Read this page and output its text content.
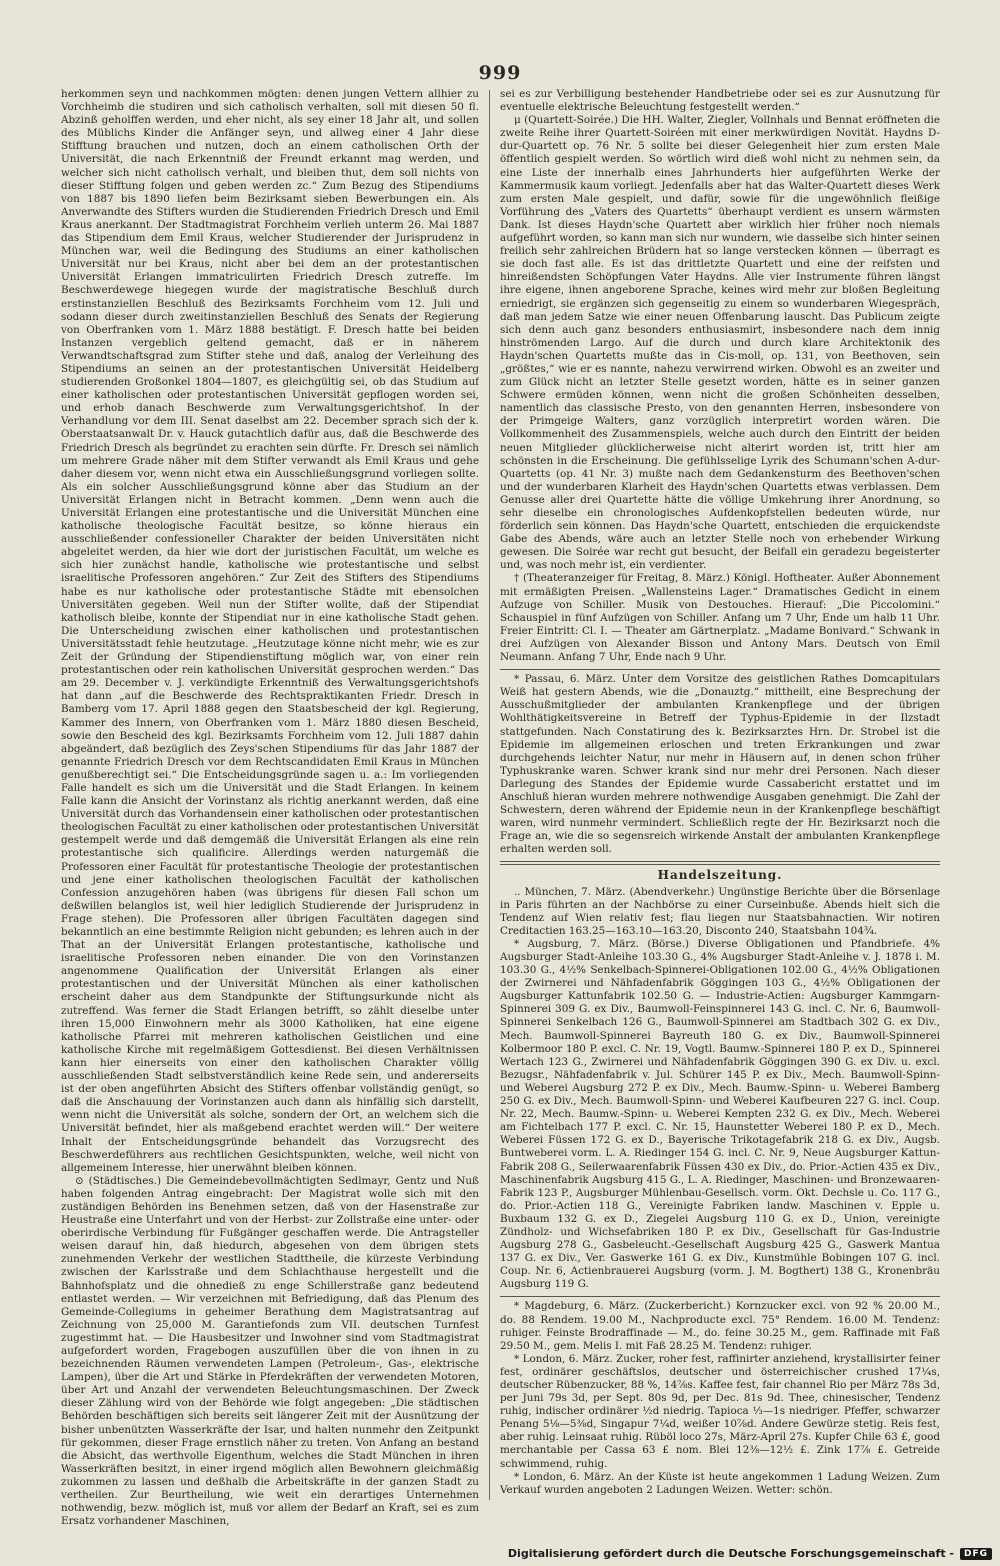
999

herkommen seyn und nachkommen mögten: denen jungen Vettern allhier zu Vorchheimb die studiren und sich catholisch verhalten, soll mit diesen 50 fl. Abzinß geholffen werden, und eher nicht, als sey einer 18 Jahr alt, und sollen des Müblichs Kinder die Anfänger seyn, und allweg einer 4 Jahr diese Stifftung brauchen und nutzen, doch an einem catholischen Orth der Universität, die nach Erkenntniß der Freundt erkannt mag werden, und welcher sich nicht catholisch verhalt, und bleiben thut, dem soll nichts von dieser Stifftung folgen und geben werden zc.“ Zum Bezug des Stipendiums von 1887 bis 1890 liefen beim Bezirksamt sieben Bewerbungen ein. Als Anverwandte des Stifters wurden die Studierenden Friedrich Dresch und Emil Kraus anerkannt. Der Stadtmagistrat Forchheim verlieh unterm 26. Mai 1887 das Stipendium dem Emil Kraus, welcher Studierender der Jurisprudenz in München war, weil die Bedingung des Studiums an einer katholischen Universität nur bei Kraus, nicht aber bei dem an der protestantischen Universität Erlangen immatriculirten Friedrich Dresch zutreffe. Im Beschwerdewege hiegegen wurde der magistratische Beschluß durch erstinstanziellen Beschluß des Bezirksamts Forchheim vom 12. Juli und sodann dieser durch zweitinstanziellen Beschluß des Senats der Regierung von Oberfranken vom 1. März 1888 bestätigt. F. Dresch hatte bei beiden Instanzen vergeblich geltend gemacht, daß er in näherem Verwandtschaftsgrad zum Stifter stehe und daß, analog der Verleihung des Stipendiums an seinen an der protestantischen Universität Heidelberg studierenden Großonkel 1804—1807, es gleichgültig sei, ob das Studium auf einer katholischen oder protestantischen Universität gepflogen worden sei, und erhob danach Beschwerde zum Verwaltungsgerichtshof. In der Verhandlung vor dem III. Senat daselbst am 22. December sprach sich der k. Oberstaatsanwalt Dr. v. Hauck gutachtlich dafür aus, daß die Beschwerde des Friedrich Dresch als begründet zu erachten sein dürfte. Fr. Dresch sei nämlich um mehrere Grade näher mit dem Stifter verwandt als Emil Kraus und gehe daher diesem vor, wenn nicht etwa ein Ausschließungsgrund vorliegen sollte. Als ein solcher Ausschließungsgrund könne aber das Studium an der Universität Erlangen nicht in Betracht kommen. „Denn wenn auch die Universität Erlangen eine protestantische und die Universität München eine katholische theologische Facultät besitze, so könne hieraus ein ausschließender confessioneller Charakter der beiden Universitäten nicht abgeleitet werden, da hier wie dort der juristischen Facultät, um welche es sich hier zunächst handle, katholische wie protestantische und selbst israelitische Professoren angehören.“ Zur Zeit des Stifters des Stipendiums habe es nur katholische oder protestantische Städte mit ebensolchen Universitäten gegeben. Weil nun der Stifter wollte, daß der Stipendiat katholisch bleibe, konnte der Stipendiat nur in eine katholische Stadt gehen. Die Unterscheidung zwischen einer katholischen und protestantischen Universitätsstadt fehle heutzutage. „Heutzutage könne nicht mehr, wie es zur Zeit der Gründung der Stipendienstiftung möglich war, von einer rein protestantischen oder rein katholischen Universität gesprochen werden.“ Das am 29. December v. J. verkündigte Erkenntniß des Verwaltungsgerichtshofs hat dann „auf die Beschwerde des Rechtspraktikanten Friedr. Dresch in Bamberg vom 17. April 1888 gegen den Staatsbescheid der kgl. Regierung, Kammer des Innern, von Oberfranken vom 1. März 1880 diesen Bescheid, sowie den Bescheid des kgl. Bezirksamts Forchheim vom 12. Juli 1887 dahin abgeändert, daß bezüglich des Zeys'schen Stipendiums für das Jahr 1887 der genannte Friedrich Dresch vor dem Rechtscandidaten Emil Kraus in München genußberechtigt sei.“ Die Entscheidungsgründe sagen u. a.: Im vorliegenden Falle handelt es sich um die Universität und die Stadt Erlangen. In keinem Falle kann die Ansicht der Vorinstanz als richtig anerkannt werden, daß eine Universität durch das Vorhandensein einer katholischen oder protestantischen theologischen Facultät zu einer katholischen oder protestantischen Universität gestempelt werde und daß demgemäß die Universität Erlangen als eine rein protestantische sich qualificire. Allerdings werden naturgemäß die Professoren einer Facultät für protestantische Theologie der protestantischen und jene einer katholischen theologischen Facultät der katholischen Confession anzugehören haben (was übrigens für diesen Fall schon um deßwillen belanglos ist, weil hier lediglich Studierende der Jurisprudenz in Frage stehen). Die Professoren aller übrigen Facultäten dagegen sind bekanntlich an eine bestimmte Religion nicht gebunden; es lehren auch in der That an der Universität Erlangen protestantische, katholische und israelitische Professoren neben einander. Die von den Vorinstanzen angenommene Qualification der Universität Erlangen als einer protestantischen und der Universität München als einer katholischen erscheint daher aus dem Standpunkte der Stiftungsurkunde nicht als zutreffend. Was ferner die Stadt Erlangen betrifft, so zählt dieselbe unter ihren 15,000 Einwohnern mehr als 3000 Katholiken, hat eine eigene katholische Pfarrei mit mehreren katholischen Geistlichen und eine katholische Kirche mit regelmäßigem Gottesdienst. Bei diesen Verhältnissen kann hier einerseits von einer den katholischen Charakter völlig ausschließenden Stadt selbstverständlich keine Rede sein, und andererseits ist der oben angeführten Absicht des Stifters offenbar vollständig genügt, so daß die Anschauung der Vorinstanzen auch dann als hinfällig sich darstellt, wenn nicht die Universität als solche, sondern der Ort, an welchem sich die Universität befindet, hier als maßgebend erachtet werden will.“ Der weitere Inhalt der Entscheidungsgründe behandelt das Vorzugsrecht des Beschwerdeführers aus rechtlichen Gesichtspunkten, welche, weil nicht von allgemeinem Interesse, hier unerwähnt bleiben können.

⊙ (Städtisches.) Die Gemeindebevollmächtigten Sedlmayr, Gentz und Nuß haben folgenden Antrag eingebracht: Der Magistrat wolle sich mit den zuständigen Behörden ins Benehmen setzen, daß von der Hasenstraße zur Heustraße eine Unterfahrt und von der Herbst- zur Zollstraße eine unter- oder oberirdische Verbindung für Fußgänger geschaffen werde. Die Antragsteller weisen darauf hin, daß hiedurch, abgesehen von dem übrigen stets zunehmenden Verkehr der westlichen Stadttheile, die kürzeste Verbindung zwischen der Karlsstraße und dem Schlachthause hergestellt und die Bahnhofsplatz und die ohnedieß zu enge Schillerstraße ganz bedeutend entlastet werden. — Wir verzeichnen mit Befriedigung, daß das Plenum des Gemeinde-Collegiums in geheimer Berathung dem Magistratsantrag auf Zeichnung von 25,000 M. Garantiefonds zum VII. deutschen Turnfest zugestimmt hat. — Die Hausbesitzer und Inwohner sind vom Stadtmagistrat aufgefordert worden, Fragebogen auszufüllen über die von ihnen in zu bezeichnenden Räumen verwendeten Lampen (Petroleum-, Gas-, elektrische Lampen), über die Art und Stärke in Pferdekräften der verwendeten Motoren, über Art und Anzahl der verwendeten Beleuchtungsmaschinen. Der Zweck dieser Zählung wird von der Behörde wie folgt angegeben: „Die städtischen Behörden beschäftigen sich bereits seit längerer Zeit mit der Ausnützung der bisher unbenützten Wasserkräfte der Isar, und halten nunmehr den Zeitpunkt für gekommen, dieser Frage ernstlich näher zu treten. Von Anfang an bestand die Absicht, das werthvolle Eigenthum, welches die Stadt München in ihren Wasserkräften besitzt, in einer irgend möglich allen Bewohnern gleichmäßig zukommen zu lassen und deßhalb die Arbeitskräfte in der ganzen Stadt zu vertheilen. Zur Beurtheilung, wie weit ein derartiges Unternehmen nothwendig, bezw. möglich ist, muß vor allem der Bedarf an Kraft, sei es zum Ersatz vorhandener Maschinen,

sei es zur Verbilligung bestehender Handbetriebe oder sei es zur Ausnutzung für eventuelle elektrische Beleuchtung festgestellt werden.“

μ (Quartett-Soirée.) Die HH. Walter, Ziegler, Vollnhals und Bennat eröffneten die zweite Reihe ihrer Quartett-Soiréen mit einer merkwürdigen Novität. Haydns D-dur-Quartett op. 76 Nr. 5 sollte bei dieser Gelegenheit hier zum ersten Male öffentlich gespielt werden. So wörtlich wird dieß wohl nicht zu nehmen sein, da eine Liste der innerhalb eines Jahrhunderts hier aufgeführten Werke der Kammermusik kaum vorliegt. Jedenfalls aber hat das Walter-Quartett dieses Werk zum ersten Male gespielt, und dafür, sowie für die ungewöhnlich fleißige Vorführung des „Vaters des Quartetts“ überhaupt verdient es unsern wärmsten Dank. Ist dieses Haydn'sche Quartett aber wirklich hier früher noch niemals aufgeführt worden, so kann man sich nur wundern, wie dasselbe sich hinter seinen freilich sehr zahlreichen Brüdern hat so lange verstecken können — überragt es sie doch fast alle. Es ist das drittletzte Quartett und eine der reifsten und hinreißendsten Schöpfungen Vater Haydns. Alle vier Instrumente führen längst ihre eigene, ihnen angeborene Sprache, keines wird mehr zur bloßen Begleitung erniedrigt, sie ergänzen sich gegenseitig zu einem so wunderbaren Wiegespräch, daß man jedem Satze wie einer neuen Offenbarung lauscht. Das Publicum zeigte sich denn auch ganz besonders enthusiasmirt, insbesondere nach dem innig hinströmenden Largo. Auf die durch und durch klare Architektonik des Haydn'schen Quartetts mußte das in Cis-moll, op. 131, von Beethoven, sein „größtes,“ wie er es nannte, nahezu verwirrend wirken. Obwohl es an zweiter und zum Glück nicht an letzter Stelle gesetzt worden, hätte es in seiner ganzen Schwere ermüden können, wenn nicht die großen Schönheiten desselben, namentlich das classische Presto, von den genannten Herren, insbesondere von der Primgeige Walters, ganz vorzüglich interpretirt worden wären. Die Vollkommenheit des Zusammenspiels, welche auch durch den Eintritt der beiden neuen Mitglieder glücklicherweise nicht alterirt worden ist, tritt hier am schönsten in die Erscheinung. Die gefühlsselige Lyrik des Schumann'schen A-dur-Quartetts (op. 41 Nr. 3) mußte nach dem Gedankensturm des Beethoven'schen und der wunderbaren Klarheit des Haydn'schen Quartetts etwas verblassen. Dem Genusse aller drei Quartette hätte die völlige Umkehrung ihrer Anordnung, so sehr dieselbe ein chronologisches Aufdenkopfstellen bedeuten würde, nur förderlich sein können. Das Haydn'sche Quartett, entschieden die erquickendste Gabe des Abends, wäre auch an letzter Stelle noch von erhebender Wirkung gewesen. Die Soirée war recht gut besucht, der Beifall ein geradezu begeisterter und, was noch mehr ist, ein verdienter.

† (Theateranzeiger für Freitag, 8. März.) Königl. Hoftheater. Außer Abonnement mit ermäßigten Preisen. „Wallensteins Lager.“ Dramatisches Gedicht in einem Aufzuge von Schiller. Musik von Destouches. Hierauf: „Die Piccolomini.“ Schauspiel in fünf Aufzügen von Schiller. Anfang um 7 Uhr, Ende um halb 11 Uhr. Freier Eintritt: Cl. I. — Theater am Gärtnerplatz. „Madame Bonivard.“ Schwank in drei Aufzügen von Alexander Bisson und Antony Mars. Deutsch von Emil Neumann. Anfang 7 Uhr, Ende nach 9 Uhr.

* Passau, 6. März. Unter dem Vorsitze des geistlichen Rathes Domcapitulars Weiß hat gestern Abends, wie die „Donauztg.“ mittheilt, eine Besprechung der Ausschußmitglieder der ambulanten Krankenpflege und der übrigen Wohlthätigkeitsvereine in Betreff der Typhus-Epidemie in der Ilzstadt stattgefunden. Nach Constatirung des k. Bezirksarztes Hrn. Dr. Strobel ist die Epidemie im allgemeinen erloschen und treten Erkrankungen und zwar durchgehends leichter Natur, nur mehr in Häusern auf, in denen schon früher Typhuskranke waren. Schwer krank sind nur mehr drei Personen. Nach dieser Darlegung des Standes der Epidemie wurde Cassabericht erstattet und im Anschluß hieran wurden mehrere nothwendige Ausgaben genehmigt. Die Zahl der Schwestern, deren während der Epidemie neun in der Krankenpflege beschäftigt waren, wird nunmehr vermindert. Schließlich regte der Hr. Bezirksarzt noch die Frage an, wie die so segensreich wirkende Anstalt der ambulanten Krankenpflege erhalten werden soll.

Handelszeitung.

.. München, 7. März. (Abendverkehr.) Ungünstige Berichte über die Börsenlage in Paris führten an der Nachbörse zu einer Curseinbuße. Abends hielt sich die Tendenz auf Wien relativ fest; flau liegen nur Staatsbahnactien. Wir notiren Creditactien 163.25—163.10—163.20, Disconto 240, Staatsbahn 104¾.

* Augsburg, 7. März. (Börse.) Diverse Obligationen und Pfandbriefe. 4% Augsburger Stadt-Anleihe 103.30 G., 4% Augsburger Stadt-Anleihe v. J. 1878 i. M. 103.30 G., 4½% Senkelbach-Spinnerei-Obligationen 102.00 G., 4½% Obligationen der Zwirnerei und Nähfadenfabrik Göggingen 103 G., 4½% Obligationen der Augsburger Kattunfabrik 102.50 G. — Industrie-Actien: Augsburger Kammgarn-Spinnerei 309 G. ex Div., Baumwoll-Feinspinnerei 143 G. incl. C. Nr. 6, Baumwoll-Spinnerei Senkelbach 126 G., Baumwoll-Spinnerei am Stadtbach 302 G. ex Div., Mech. Baumwoll-Spinnerei Bayreuth 180 G. ex Div., Baumwoll-Spinnerei Kolbermoor 180 P. excl. C. Nr. 19, Vogtl. Baumw.-Spinnerei 180 P. ex D., Spinnerei Wertach 123 G., Zwirnerei und Nähfadenfabrik Göggingen 390 G. ex Div. u. excl. Bezugsr., Nähfadenfabrik v. Jul. Schürer 145 P. ex Div., Mech. Baumwoll-Spinn- und Weberei Augsburg 272 P. ex Div., Mech. Baumw.-Spinn- u. Weberei Bamberg 250 G. ex Div., Mech. Baumwoll-Spinn- und Weberei Kaufbeuren 227 G. incl. Coup. Nr. 22, Mech. Baumw.-Spinn- u. Weberei Kempten 232 G. ex Div., Mech. Weberei am Fichtelbach 177 P. excl. C. Nr. 15, Haunstetter Weberei 180 P. ex D., Mech. Weberei Füssen 172 G. ex D., Bayerische Trikotagefabrik 218 G. ex Div., Augsb. Buntweberei vorm. L. A. Riedinger 154 G. incl. C. Nr. 9, Neue Augsburger Kattun-Fabrik 208 G., Seilerwaarenfabrik Füssen 430 ex Div., do. Prior.-Actien 435 ex Div., Maschinenfabrik Augsburg 415 G., L. A. Riedinger, Maschinen- und Bronzewaaren-Fabrik 123 P., Augsburger Mühlenbau-Gesellsch. vorm. Okt. Dechsle u. Co. 117 G., do. Prior.-Actien 118 G., Vereinigte Fabriken landw. Maschinen v. Epple u. Buxbaum 132 G. ex D., Ziegelei Augsburg 110 G. ex D., Union, vereinigte Zündholz- und Wichsefabriken 180 P. ex Div., Gesellschaft für Gas-Industrie Augsburg 278 G., Gasbeleucht.-Gesellschaft Augsburg 425 G., Gaswerk Mantua 137 G. ex Div., Ver. Gaswerke 161 G. ex Div., Kunstmühle Bobingen 107 G. incl. Coup. Nr. 6, Actienbrauerei Augsburg (vorm. J. M. Bogthert) 138 G., Kronenbräu Augsburg 119 G.

* Magdeburg, 6. März. (Zuckerbericht.) Kornzucker excl. von 92 % 20.00 M., do. 88 Rendem. 19.00 M., Nachproducte excl. 75° Rendem. 16.00 M. Tendenz: ruhiger. Feinste Brodraffinade — M., do. feine 30.25 M., gem. Raffinade mit Faß 29.50 M., gem. Melis I. mit Faß 28.25 M. Tendenz: ruhiger.

* London, 6. März. Zucker, roher fest, raffinirter anziehend, krystallisirter feiner fest, ordinärer geschäftslos, deutscher und österreichischer crushed 17¼s, deutscher Rübenzucker, 88 %, 14⅞s. Kaffee fest, fair channel Rio per März 78s 3d, per Juni 79s 3d, per Sept. 80s 9d, per Dec. 81s 9d. Thee, chinesischer, Tendenz ruhig, indischer ordinärer ½d niedrig. Tapioca ⅓—1s niedriger. Pfeffer, schwarzer Penang 5⅛—5⅜d, Singapur 7¼d, weißer 10⅞d. Andere Gewürze stetig. Reis fest, aber ruhig. Leinsaat ruhig. Rüböl loco 27s, März-April 27s. Kupfer Chile 63 £, good merchantable per Cassa 63 £ nom. Blei 12⅜—12½ £. Zink 17⅞ £. Getreide schwimmend, ruhig.

* London, 6. März. An der Küste ist heute angekommen 1 Ladung Weizen. Zum Verkauf wurden angeboten 2 Ladungen Weizen. Wetter: schön.

Digitalisierung gefördert durch die Deutsche Forschungsgemeinschaft -	DFG
